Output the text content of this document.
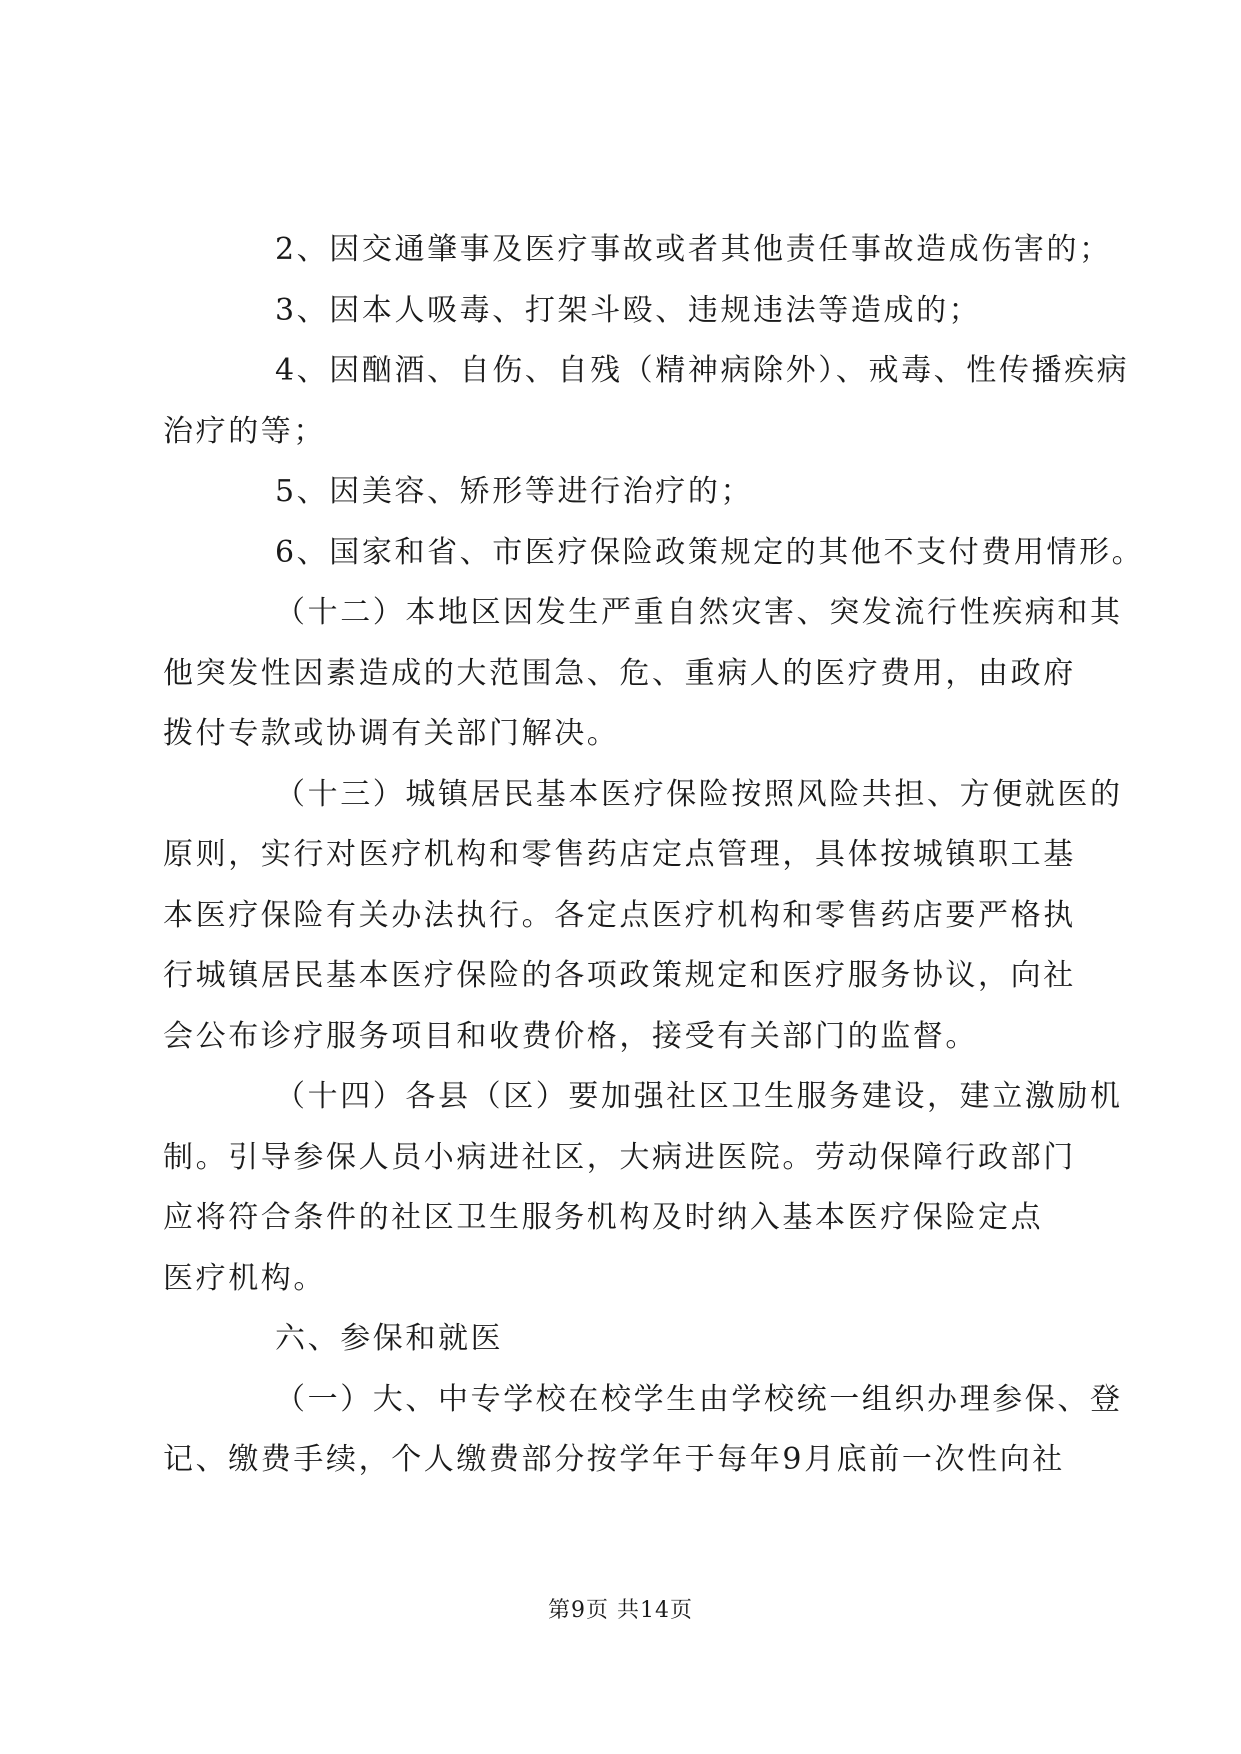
2、因交通肇事及医疗事故或者其他责任事故造成伤害的；
3、因本人吸毒、打架斗殴、违规违法等造成的；
4、因酗酒、自伤、自残（精神病除外）、戒毒、性传播疾病
治疗的等；
5、因美容、矫形等进行治疗的；
6、国家和省、市医疗保险政策规定的其他不支付费用情形。
（十二）本地区因发生严重自然灾害、突发流行性疾病和其
他突发性因素造成的大范围急、危、重病人的医疗费用，由政府
拨付专款或协调有关部门解决。
（十三）城镇居民基本医疗保险按照风险共担、方便就医的
原则，实行对医疗机构和零售药店定点管理，具体按城镇职工基
本医疗保险有关办法执行。各定点医疗机构和零售药店要严格执
行城镇居民基本医疗保险的各项政策规定和医疗服务协议，向社
会公布诊疗服务项目和收费价格，接受有关部门的监督。
（十四）各县（区）要加强社区卫生服务建设，建立激励机
制。引导参保人员小病进社区，大病进医院。劳动保障行政部门
应将符合条件的社区卫生服务机构及时纳入基本医疗保险定点
医疗机构。
六、参保和就医
（一）大、中专学校在校学生由学校统一组织办理参保、登
记、缴费手续，个人缴费部分按学年于每年9月底前一次性向社

第9页 共14页
